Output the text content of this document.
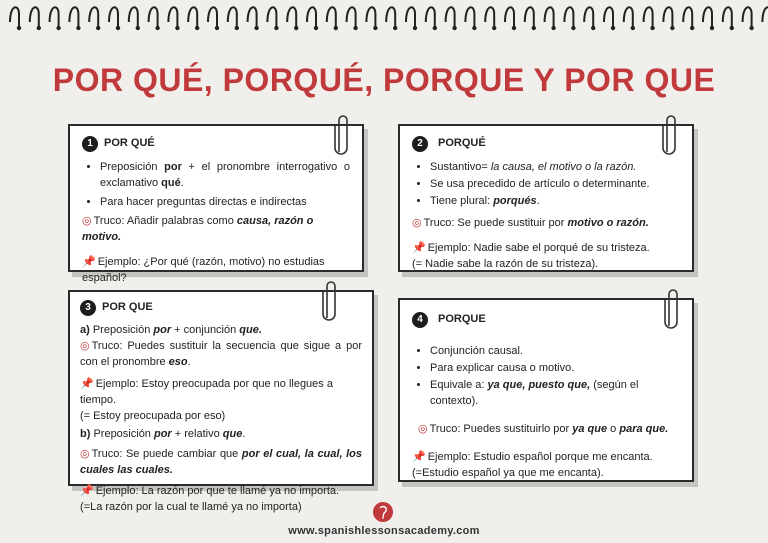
POR QUÉ, PORQUÉ, PORQUE Y POR QUE
1	POR QUÉ
• Preposición por + el pronombre interrogativo o exclamativo qué.
• Para hacer preguntas directas e indirectas

◎ Truco: Añadir palabras como causa, razón o motivo.

📌 Ejemplo: ¿Por qué (razón, motivo) no estudias español?

2	PORQUÉ
• Sustantivo= la causa, el motivo o la razón.
• Se usa precedido de artículo o determinante.
• Tiene plural: porqués.

◎ Truco: Se puede sustituir por motivo o razón.

📌 Ejemplo: Nadie sabe el porqué de su tristeza.

(= Nadie sabe la razón de su tristeza).

3	POR QUE

a) Preposición por + conjunción que.

◎ Truco: Puedes sustituir la secuencia que sigue a por con el pronombre eso.

📌 Ejemplo: Estoy preocupada por que no llegues a tiempo.

(= Estoy preocupada por eso)

b) Preposición por + relativo que.

◎ Truco: Se puede cambiar que por el cual, la cual, los cuales las cuales.

📌 Ejemplo: La razón por que te llamé ya no importa.

(=La razón por la cual te llamé ya no importa)

4	PORQUE
• Conjunción causal.
• Para explicar causa o motivo.
• Equivale a: ya que, puesto que, (según el contexto).

◎ Truco: Puedes sustituirlo por ya que o para que.

📌 Ejemplo: Estudio español porque me encanta.

(=Estudio español ya que me encanta).

www.spanishlessonsacademy.com
